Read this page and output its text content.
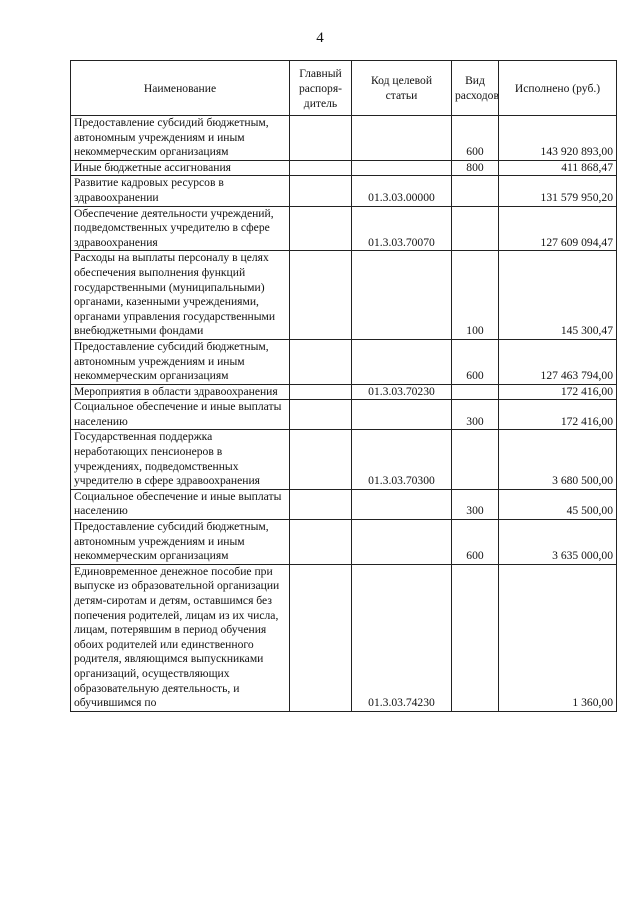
4
Наименование	Главный распоря-дитель	Код целевой статьи	Вид расходов	Исполнено (руб.)
Предоставление субсидий бюджетным, автономным учреждениям и иным некоммерческим организациям			600	143 920 893,00
Иные бюджетные ассигнования			800	411 868,47
Развитие кадровых ресурсов в здравоохранении		01.3.03.00000		131 579 950,20
Обеспечение деятельности учреждений, подведомственных учредителю в сфере здравоохранения		01.3.03.70070		127 609 094,47
Расходы на выплаты персоналу в целях обеспечения выполнения функций государственными (муниципальными) органами, казенными учреждениями, органами управления государственными внебюджетными фондами			100	145 300,47
Предоставление субсидий бюджетным, автономным учреждениям и иным некоммерческим организациям			600	127 463 794,00
Мероприятия в области здравоохранения		01.3.03.70230		172 416,00
Социальное обеспечение и иные выплаты населению			300	172 416,00
Государственная поддержка неработающих пенсионеров в учреждениях, подведомственных учредителю в сфере здравоохранения		01.3.03.70300		3 680 500,00
Социальное обеспечение и иные выплаты населению			300	45 500,00
Предоставление субсидий бюджетным, автономным учреждениям и иным некоммерческим организациям			600	3 635 000,00
Единовременное денежное пособие при выпуске из образовательной организации детям-сиротам и детям, оставшимся без попечения родителей, лицам из их числа, лицам, потерявшим в период обучения обоих родителей или единственного родителя, являющимся выпускниками организаций, осуществляющих образовательную деятельность, и обучившимся по		01.3.03.74230		1 360,00
